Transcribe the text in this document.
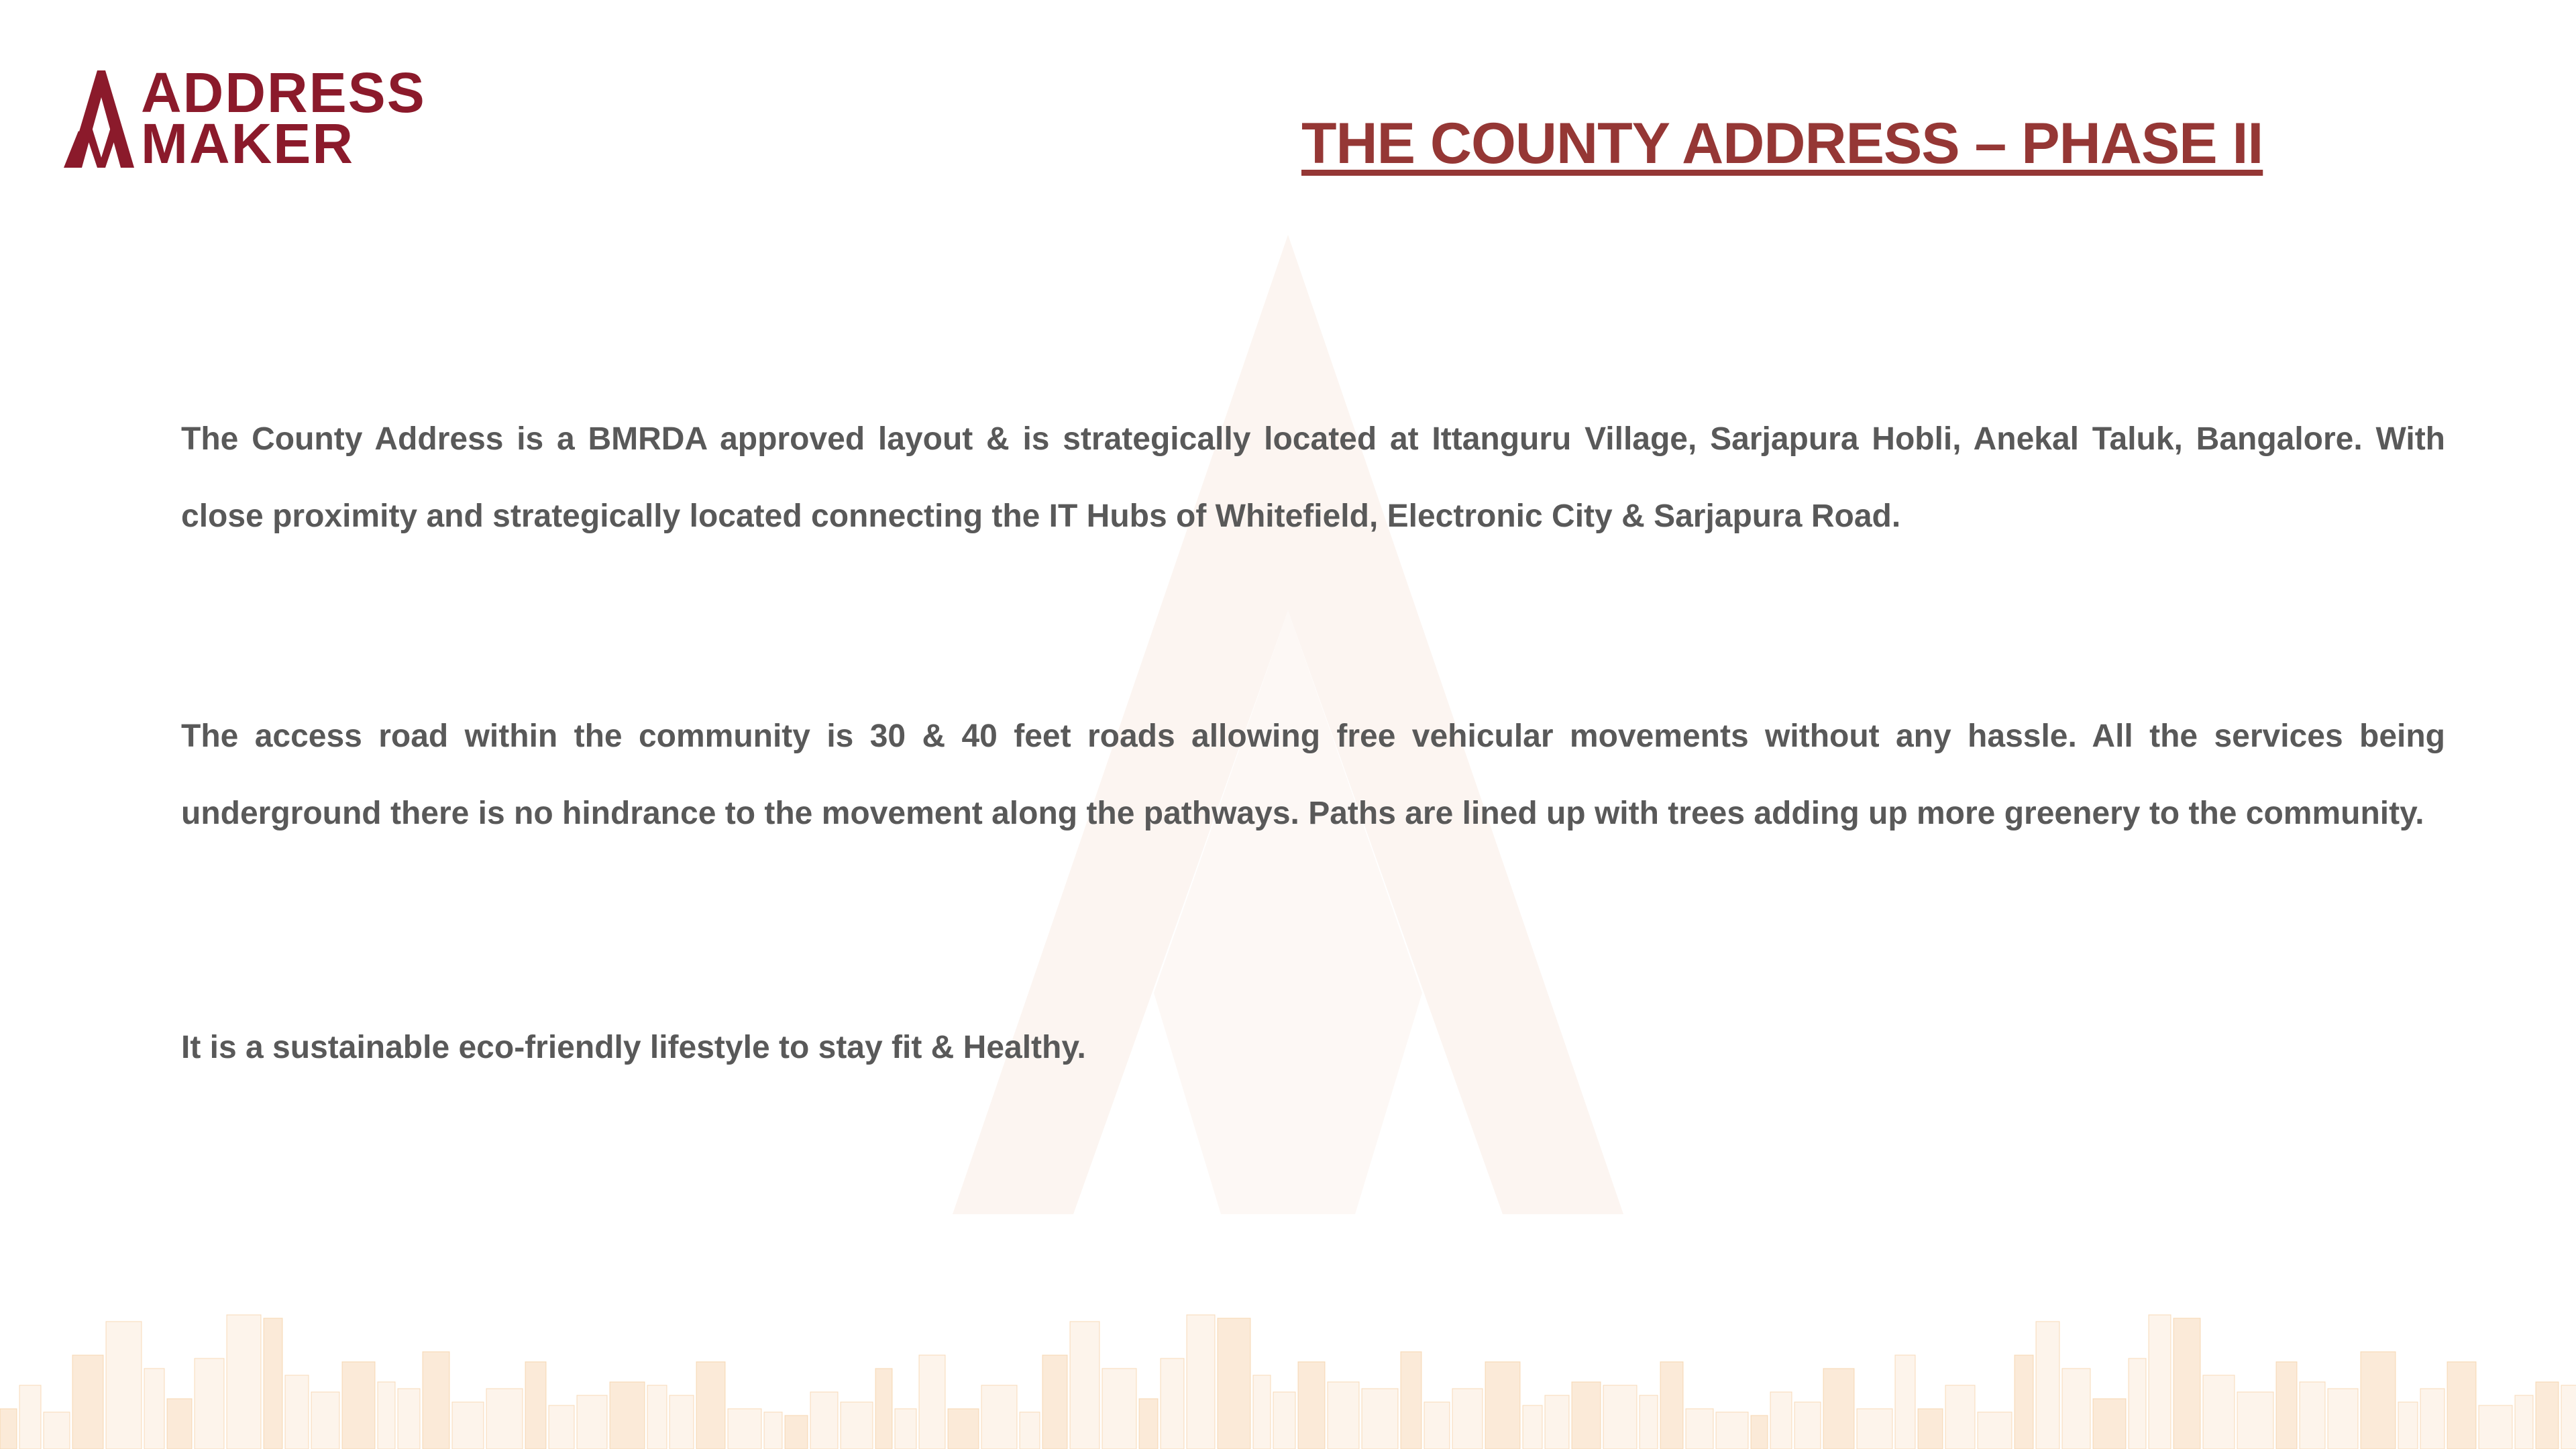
ADDRESS
MAKER	THE COUNTY ADDRESS – PHASE II
The County Address is a BMRDA approved layout & is strategically located at Ittanguru Village, Sarjapura Hobli, Anekal Taluk, Bangalore. With close proximity and strategically located connecting the IT Hubs of Whitefield, Electronic City & Sarjapura Road.
The access road within the community is 30 & 40 feet roads allowing free vehicular movements without any hassle. All the services being underground there is no hindrance to the movement along the pathways. Paths are lined up with trees adding up more greenery to the community.
It is a sustainable eco-friendly lifestyle to stay fit & Healthy.
